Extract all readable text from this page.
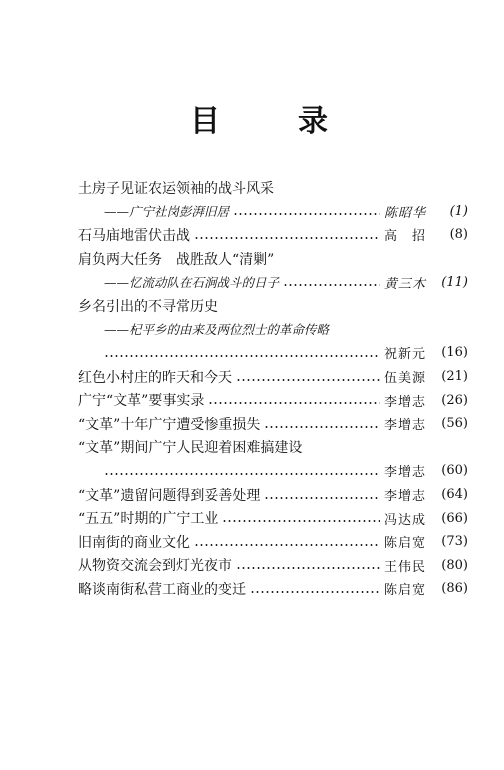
目	录
土房子见证农运领袖的战斗风采
——广宁社岗彭湃旧居	陈昭华	( 1 )
石马庙地雷伏击战	高　招	( 8 )
肩负两大任务　战胜敌人“清剿”
——忆流动队在石涧战斗的日子	黄三木	( 11 )
乡名引出的不寻常历史
——杞平乡的由来及两位烈士的革命传略
祝新元	( 16 )
红色小村庄的昨天和今天	伍美源	( 21 )
广宁“文革”要事实录	李增志	( 26 )
“文革”十年广宁遭受惨重损失	李增志	( 56 )
“文革”期间广宁人民迎着困难搞建设
李增志	( 60 )
“文革”遗留问题得到妥善处理	李增志	( 64 )
“五五”时期的广宁工业	冯达成	( 66 )
旧南街的商业文化	陈启宽	( 73 )
从物资交流会到灯光夜市	王伟民	( 80 )
略谈南街私营工商业的变迁	陈启宽	( 86 )
